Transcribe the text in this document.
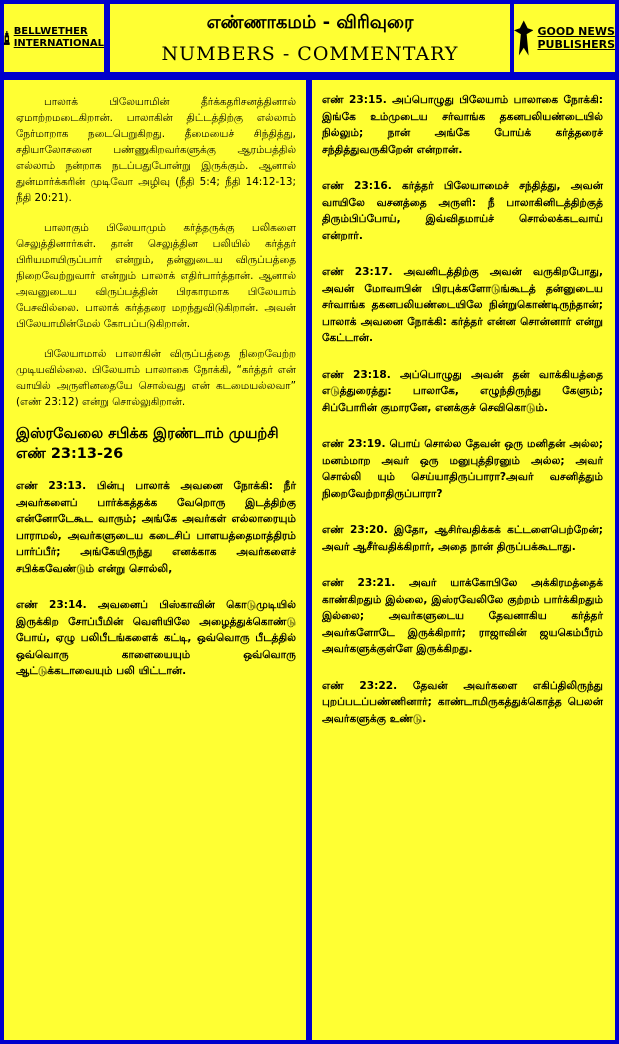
BELLWETHER
INTERNATIONAL
எண்ணாகமம் - விரிவுரை
NUMBERS - COMMENTARY
GOOD NEWS
PUBLISHERS

பாலாக் பிலேயாமின் தீர்க்கதரிசனத்தினால் ஏமாற்றமடைகிறான். பாலாகின் திட்டத்திற்கு எல்லாம் நேர்மாறாக நடைபெறுகிறது. தீமையைச் சிந்தித்து, சதியாலோசனை பண்ணுகிறவர்களுக்கு ஆரம்பத்தில் எல்லாம் நன்றாக நடப்பதுபோன்று இருக்கும். ஆனால் துன்மார்க்கரின் முடிவோ அழிவு (நீதி 5:4; நீதி 14:12-13; நீதி 20:21).

பாலாகும் பிலேயாமும் கர்த்தருக்கு பலிகளை செலுத்தினார்கள். தான் செலுத்தின பலியில் கர்த்தர் பிரியமாயிருப்பார் என்றும், தன்னுடைய விருப்பத்தை நிறைவேற்றுவார் என்றும் பாலாக் எதிர்பார்த்தான். ஆனால் அவனுடைய விருப்பத்தின் பிரகாரமாக பிலேயாம் பேசவில்லை. பாலாக் கர்த்தரை மறந்துவிடுகிறான். அவன் பிலேயாமின்மேல் கோபப்படுகிறான்.

பிலேயாமால் பாலாகின் விருப்பத்தை நிறைவேற்ற முடியவில்லை. பிலேயாம் பாலாகை நோக்கி, “கர்த்தர் என் வாயில் அருளினதையே சொல்வது என் கடமையல்லவா” (எண் 23:12) என்று சொல்லுகிறான்.

இஸ்ரவேலை சபிக்க இரண்டாம் முயற்சி
எண் 23:13-26

எண் 23:13. பின்பு பாலாக் அவனை நோக்கி: நீர் அவர்களைப் பார்க்கத்தக்க வேறொரு இடத்திற்கு என்னோடேகூட வாரும்; அங்கே அவர்கள் எல்லாரையும் பாராமல், அவர்களுடைய கடைசிப் பாளயத்தைமாத்திரம் பார்ப்பீர்; அங்கேயிருந்து எனக்காக அவர்களைச் சபிக்கவேண்டும் என்று சொல்லி,

எண் 23:14. அவனைப் பிஸ்காவின் கொடுமுடியில் இருக்கிற சோப்பீமின் வெளியிலே அழைத்துக்கொண்டு போய், ஏழு பலிபீடங்களைக் கட்டி, ஒவ்வொரு பீடத்தில் ஒவ்வொரு காளையையும் ஒவ்வொரு ஆட்டுக்கடாவையும் பலி யிட்டான்.

எண் 23:15. அப்பொழுது பிலேயாம் பாலாகை நோக்கி: இங்கே உம்முடைய சர்வாங்க தகனபலியண்டையில் நில்லும்; நான் அங்கே போய்க் கர்த்தரைச் சந்தித்துவருகிறேன் என்றான்.

எண் 23:16. கர்த்தர் பிலேயாமைச் சந்தித்து, அவன் வாயிலே வசனத்தை அருளி: நீ பாலாகினிடத்திற்குத் திரும்பிப்போய், இவ்விதமாய்ச் சொல்லக்கடவாய் என்றார்.

எண் 23:17. அவனிடத்திற்கு அவன் வருகிறபோது, அவன் மோவாபின் பிரபுக்களோடுங்கூடத் தன்னுடைய சர்வாங்க தகனபலியண்டையிலே நின்றுகொண்டிருந்தான்; பாலாக் அவனை நோக்கி: கர்த்தர் என்ன சொன்னார் என்று கேட்டான்.

எண் 23:18. அப்பொழுது அவன் தன் வாக்கியத்தை எடுத்துரைத்து: பாலாகே, எழுந்திருந்து கேளும்; சிப்போரின் குமாரனே, எனக்குச் செவிகொடும்.

எண் 23:19. பொய் சொல்ல தேவன் ஒரு மனிதன் அல்ல; மனம்மாற அவர் ஒரு மனுபுத்திரனும் அல்ல; அவர் சொல்லி யும் செய்யாதிருப்பாரா?அவர் வசனித்தும் நிறைவேற்றாதிருப்பாரா?

எண் 23:20. இதோ, ஆசிர்வதிக்கக் கட்டளைபெற்றேன்; அவர் ஆசீர்வதிக்கிறார், அதை நான் திருப்பக்கூடாது.

எண் 23:21. அவர் யாக்கோபிலே அக்கிரமத்தைக் காண்கிறதும் இல்லை, இஸ்ரவேலிலே குற்றம் பார்க்கிறதும் இல்லை; அவர்களுடைய தேவனாகிய கர்த்தர் அவர்களோடே இருக்கிறார்; ராஜாவின் ஜயகெம்பீரம் அவர்களுக்குள்ளே இருக்கிறது.

எண் 23:22. தேவன் அவர்களை எகிப்திலிருந்து புறப்படப்பண்ணினார்; காண்டாமிருகத்துக்கொத்த பெலன் அவர்களுக்கு உண்டு.
